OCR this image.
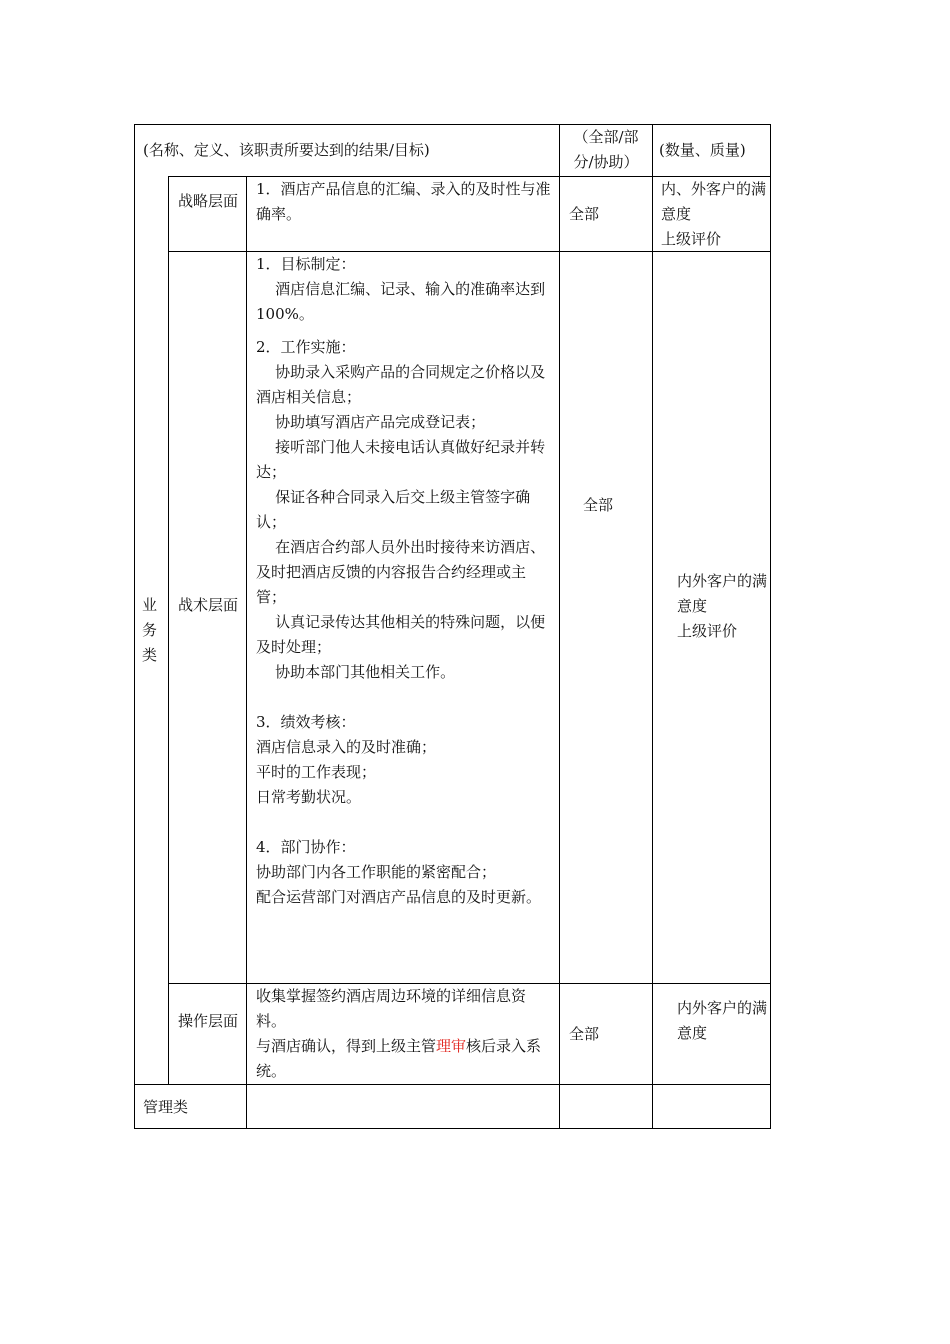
(名称、定义、该职责所要达到的结果/目标)
（全部/部分/协助）
(数量、质量)
业务类
战略层面
1．酒店产品信息的汇编、录入的及时性与准确率。	全部
内、外客户的满意度
上级评价
战术层面
1．目标制定：
酒店信息汇编、记录、输入的准确率达到100%。
2．工作实施：
协助录入采购产品的合同规定之价格以及酒店相关信息；
协助填写酒店产品完成登记表；
接听部门他人未接电话认真做好纪录并转达；
保证各种合同录入后交上级主管签字确认；
在酒店合约部人员外出时接待来访酒店、及时把酒店反馈的内容报告合约经理或主管；
认真记录传达其他相关的特殊问题，以便及时处理；
协助本部门其他相关工作。
3．绩效考核：
酒店信息录入的及时准确；
平时的工作表现；
日常考勤状况。
4．部门协作：
协助部门内各工作职能的紧密配合；
配合运营部门对酒店产品信息的及时更新。
全部
内外客户的满意度
上级评价
操作层面
收集掌握签约酒店周边环境的详细信息资料。
与酒店确认，得到上级主管理审核后录入系统。
全部
内外客户的满意度
管理类
